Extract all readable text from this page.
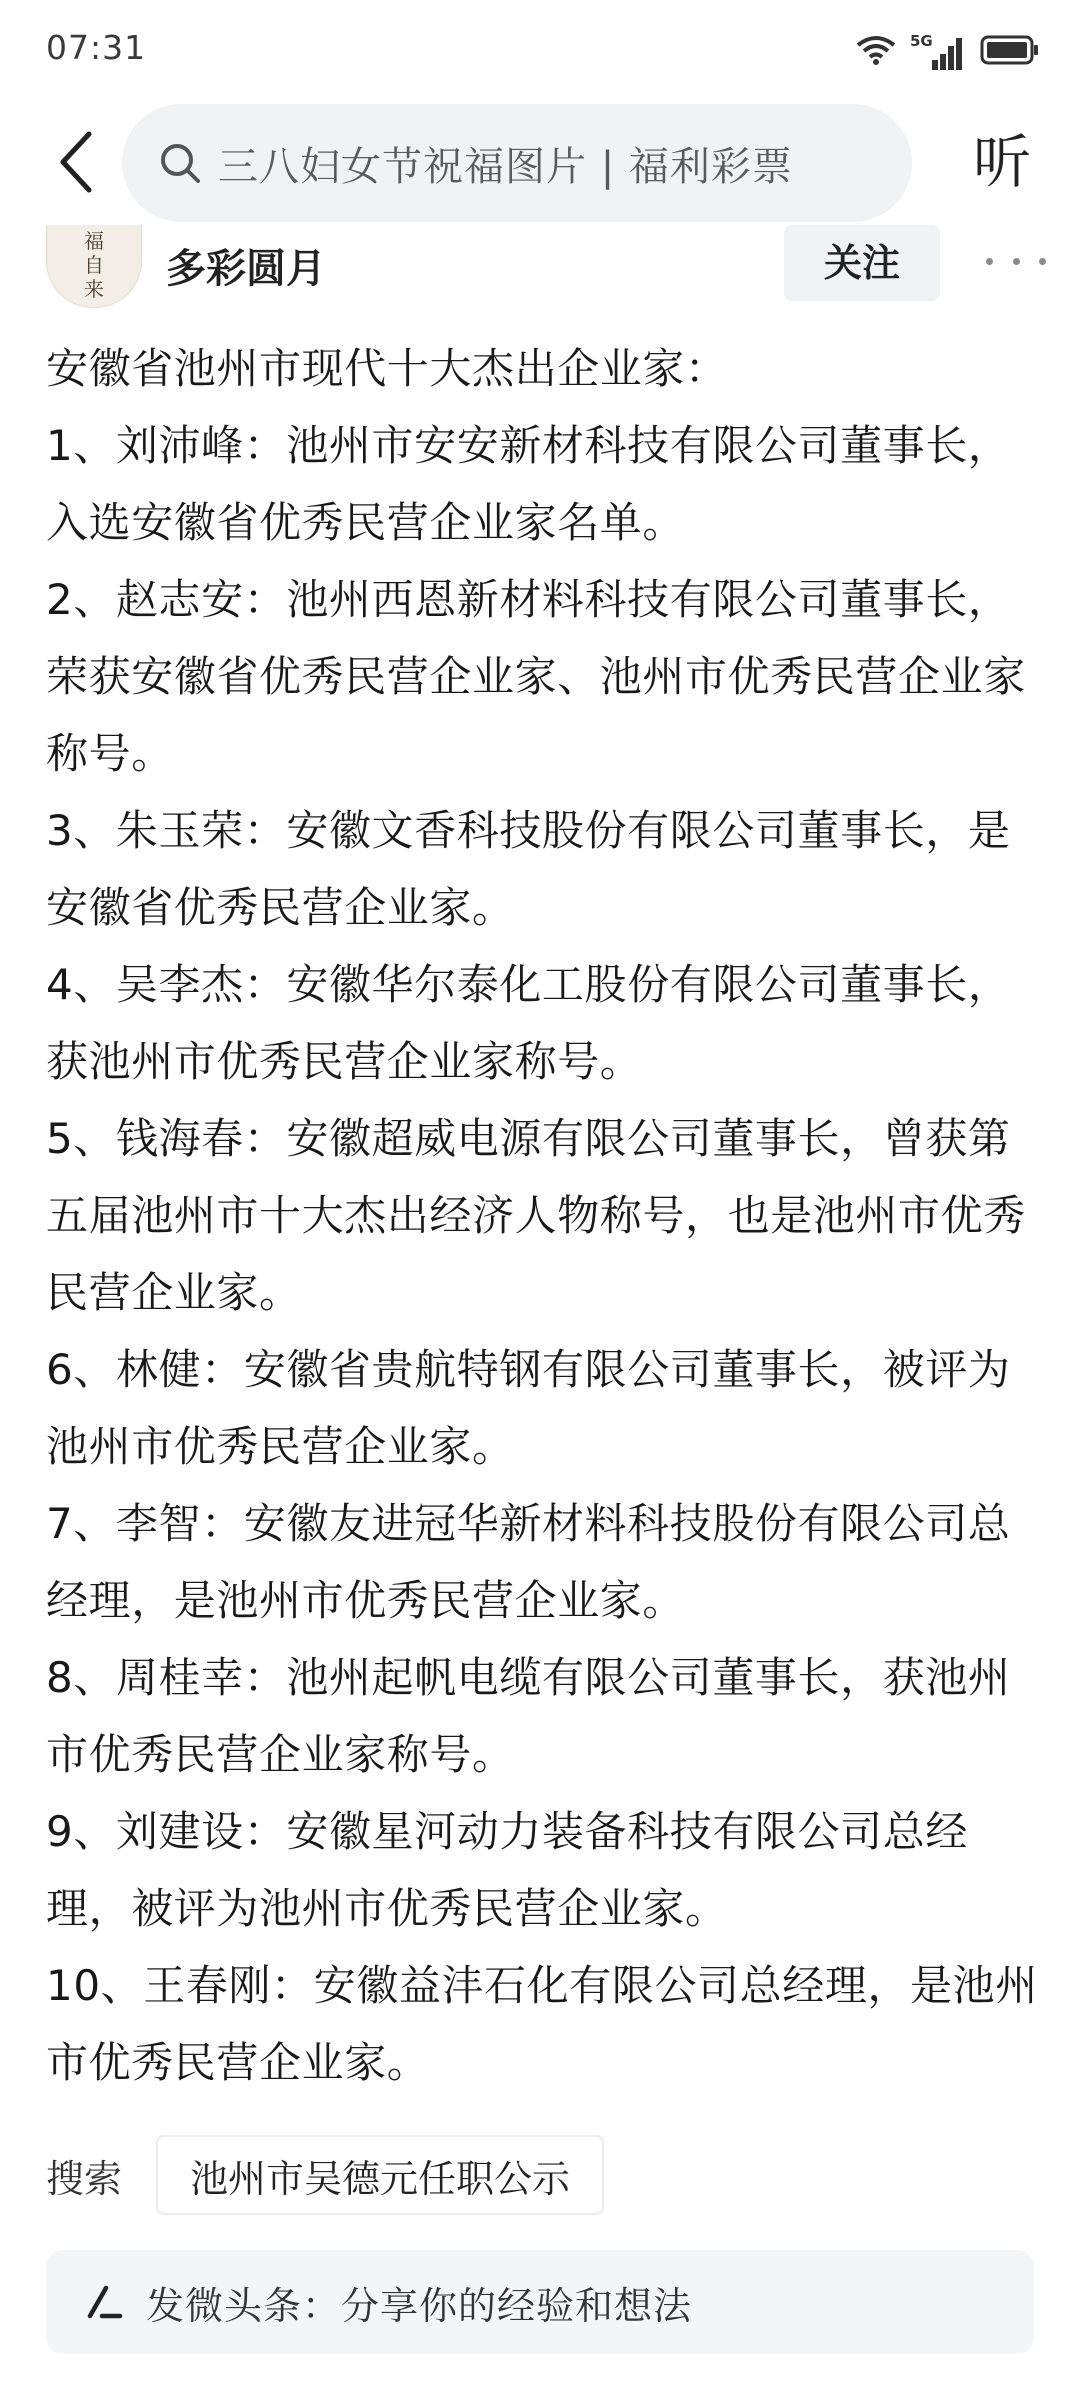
07:31	5G
三八妇女节祝福图片 | 福利彩票	听
福
自
来	多彩圆月	关注

安徽省池州市现代十大杰出企业家：

1、刘沛峰：池州市安安新材科技有限公司董事长，入选安徽省优秀民营企业家名单。

2、赵志安：池州西恩新材料科技有限公司董事长，荣获安徽省优秀民营企业家、池州市优秀民营企业家称号。

3、朱玉荣：安徽文香科技股份有限公司董事长，是安徽省优秀民营企业家。

4、吴李杰：安徽华尔泰化工股份有限公司董事长，获池州市优秀民营企业家称号。

5、钱海春：安徽超威电源有限公司董事长，曾获第五届池州市十大杰出经济人物称号，也是池州市优秀民营企业家。

6、林健：安徽省贵航特钢有限公司董事长，被评为池州市优秀民营企业家。

7、李智：安徽友进冠华新材料科技股份有限公司总经理，是池州市优秀民营企业家。

8、周桂幸：池州起帆电缆有限公司董事长，获池州市优秀民营企业家称号。

9、刘建设：安徽星河动力装备科技有限公司总经理，被评为池州市优秀民营企业家。

10、王春刚：安徽益沣石化有限公司总经理，是池州市优秀民营企业家。

搜索	池州市吴德元任职公示
发微头条：分享你的经验和想法
